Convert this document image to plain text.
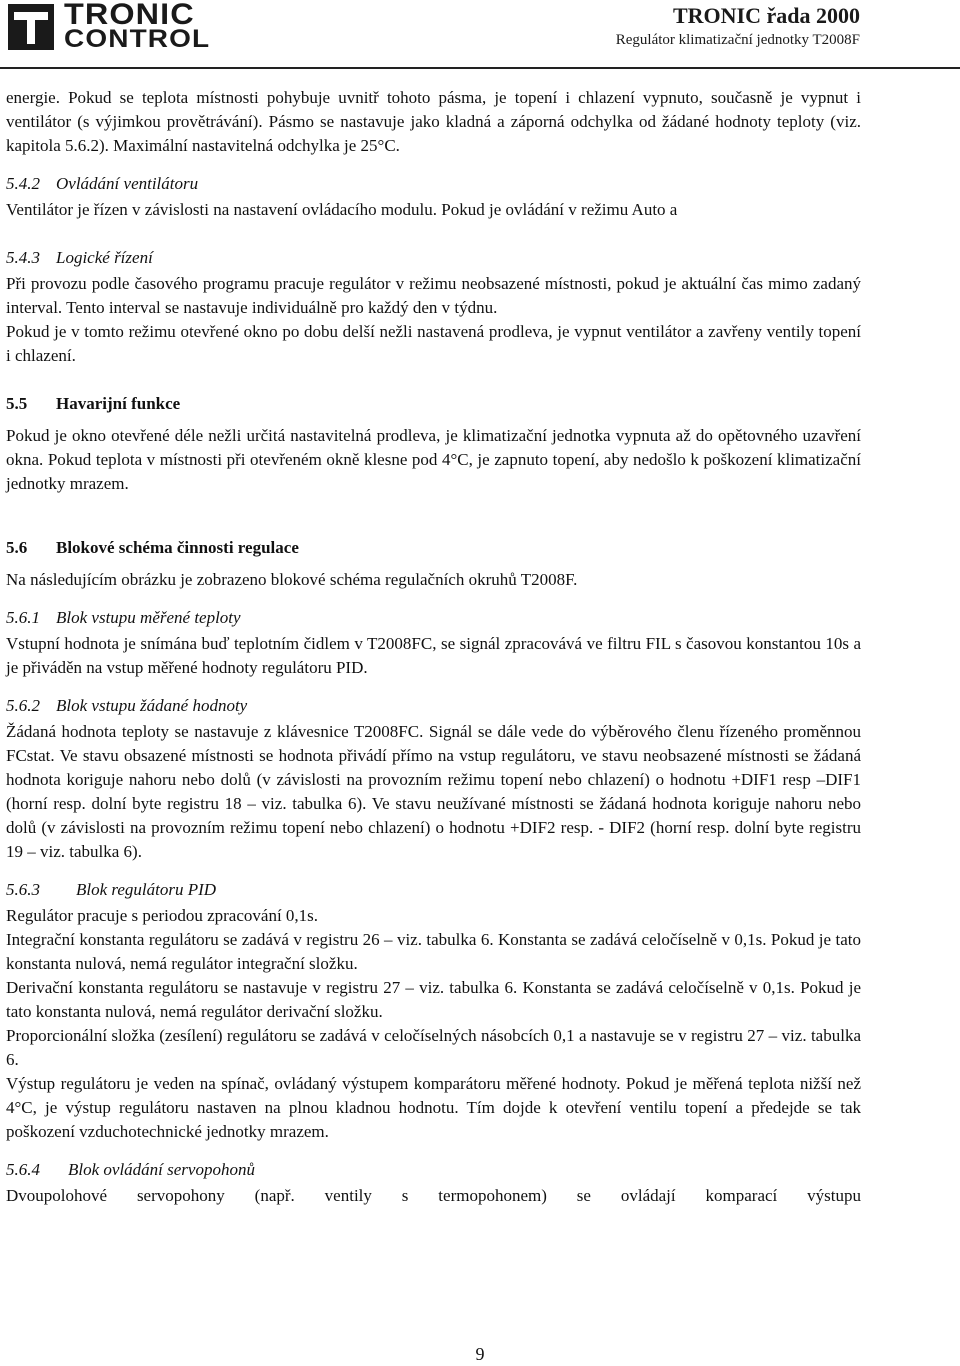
TRONIC
CONTROL
TRONIC řada 2000
Regulátor klimatizační jednotky T2008F

energie. Pokud se teplota místnosti pohybuje uvnitř tohoto pásma, je topení i chlazení vypnuto, současně je vypnut i ventilátor (s výjimkou provětrávání). Pásmo se nastavuje jako kladná a záporná odchylka od žádané hodnoty teploty (viz. kapitola 5.6.2). Maximální nastavitelná odchylka je 25°C.

5.4.2 Ovládání ventilátoru

Ventilátor je řízen v závislosti na nastavení ovládacího modulu. Pokud je ovládání v režimu Auto a

5.4.3 Logické řízení

Při provozu podle časového programu pracuje regulátor v režimu neobsazené místnosti, pokud je aktuální čas mimo zadaný interval. Tento interval se nastavuje individuálně pro každý den v týdnu.

Pokud je v tomto režimu otevřené okno po dobu delší nežli nastavená prodleva, je vypnut ventilátor a zavřeny ventily topení i chlazení.

5.5 Havarijní funkce

Pokud je okno otevřené déle nežli určitá nastavitelná prodleva, je klimatizační jednotka vypnuta až do opětovného uzavření okna. Pokud teplota v místnosti při otevřeném okně klesne pod 4°C, je zapnuto topení, aby nedošlo k poškození klimatizační jednotky mrazem.

5.6 Blokové schéma činnosti regulace

Na následujícím obrázku je zobrazeno blokové schéma regulačních okruhů T2008F.

5.6.1 Blok vstupu měřené teploty

Vstupní hodnota je snímána buď teplotním čidlem v T2008FC, se signál zpracovává ve filtru FIL s časovou konstantou 10s a je přiváděn na vstup měřené hodnoty regulátoru PID.

5.6.2 Blok vstupu žádané hodnoty

Žádaná hodnota teploty se nastavuje z klávesnice T2008FC. Signál se dále vede do výběrového členu řízeného proměnnou FCstat. Ve stavu obsazené místnosti se hodnota přivádí přímo na vstup regulátoru, ve stavu neobsazené místnosti se žádaná hodnota koriguje nahoru nebo dolů (v závislosti na provozním režimu topení nebo chlazení) o hodnotu +DIF1 resp –DIF1 (horní resp. dolní byte registru 18 – viz. tabulka 6). Ve stavu neužívané místnosti se žádaná hodnota koriguje nahoru nebo dolů (v závislosti na provozním režimu topení nebo chlazení) o hodnotu +DIF2 resp. - DIF2 (horní resp. dolní byte registru 19 – viz. tabulka 6).

5.6.3 Blok regulátoru PID

Regulátor pracuje s periodou zpracování 0,1s.

Integrační konstanta regulátoru se zadává v registru 26 – viz. tabulka 6. Konstanta se zadává celočíselně v 0,1s. Pokud je tato konstanta nulová, nemá regulátor integrační složku.

Derivační konstanta regulátoru se nastavuje v registru 27 – viz. tabulka 6. Konstanta se zadává celočíselně v 0,1s. Pokud je tato konstanta nulová, nemá regulátor derivační složku.

Proporcionální složka (zesílení) regulátoru se zadává v celočíselných násobcích 0,1 a nastavuje se v registru 27 – viz. tabulka 6.

Výstup regulátoru je veden na spínač, ovládaný výstupem komparátoru měřené hodnoty. Pokud je měřená teplota nižší než 4°C, je výstup regulátoru nastaven na plnou kladnou hodnotu. Tím dojde k otevření ventilu topení a předejde se tak poškození vzduchotechnické jednotky mrazem.

5.6.4 Blok ovládání servopohonů

Dvoupolohové servopohony (např. ventily s termopohonem) se ovládají komparací výstupu

9
